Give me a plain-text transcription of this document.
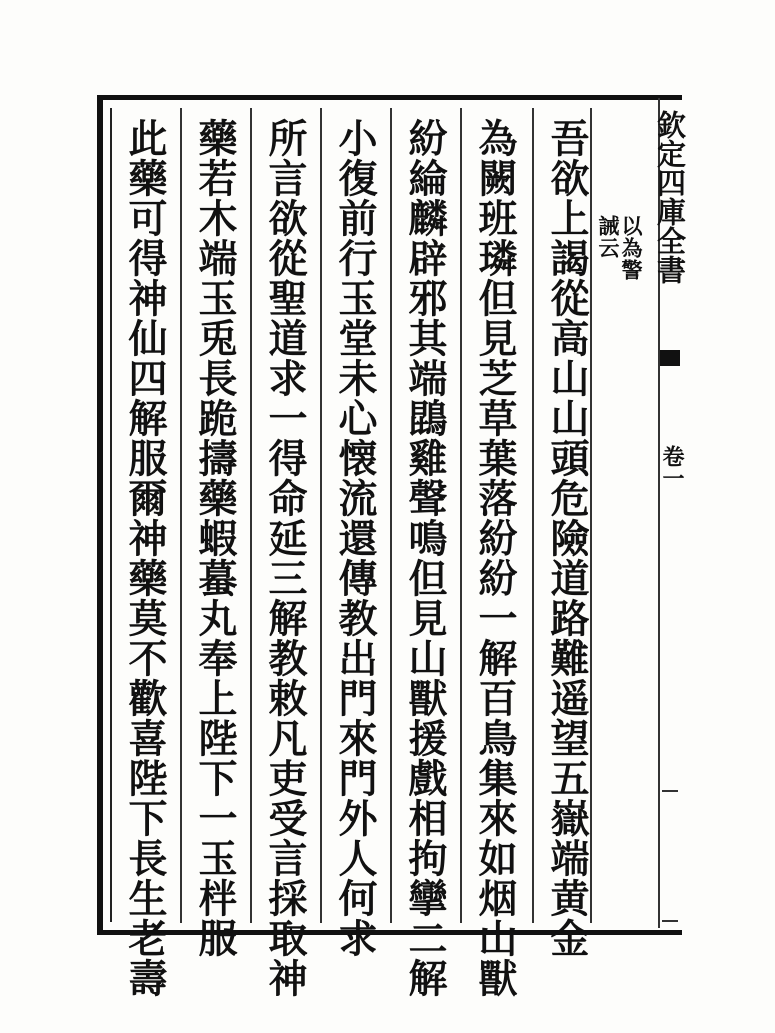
欽定四庫全書
卷一
以為警
誡云
吾欲上謁從高山山頭危險道路難遥望五嶽端黄金
為闕班璘但見芝草葉落紛紛一解百鳥集來如烟山獸
紛綸麟辟邪其端鵾雞聲鳴但見山獸援戲相拘攣二解
小復前行玉堂未心懐流還傳教出門來門外人何求
所言欲從聖道求一得命延三解教敕凡吏受言採取神
藥若木端玉兎長跪擣藥蝦蟇丸奉上陛下一玉柈服
此藥可得神仙四解服爾神藥莫不歡喜陛下長生老壽
